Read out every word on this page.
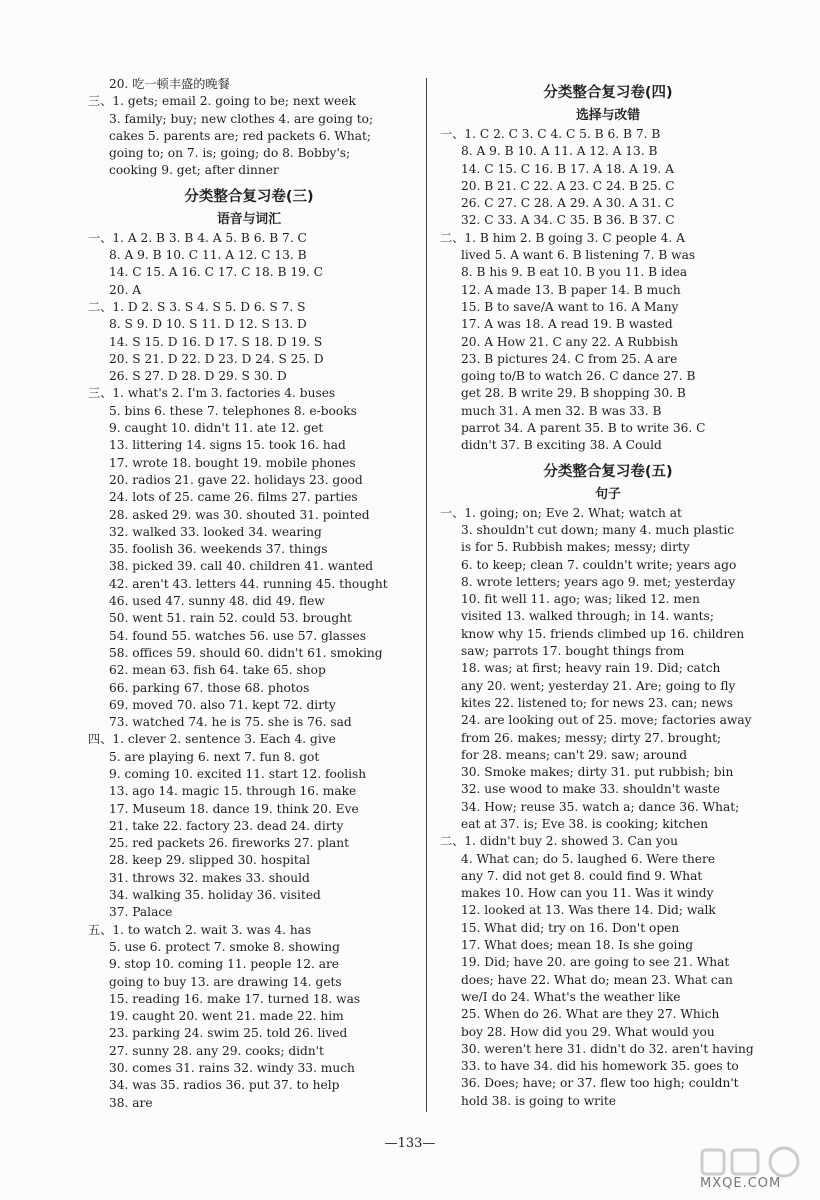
20. 吃一顿丰盛的晚餐
三、1. gets; email 2. going to be; next week
3. family; buy; new clothes 4. are going to;
cakes 5. parents are; red packets 6. What;
going to; on 7. is; going; do 8. Bobby's;
cooking 9. get; after dinner
分类整合复习卷(三)
语音与词汇
一、1. A 2. B 3. B 4. A 5. B 6. B 7. C
8. A 9. B 10. C 11. A 12. C 13. B
14. C 15. A 16. C 17. C 18. B 19. C
20. A
二、1. D 2. S 3. S 4. S 5. D 6. S 7. S
8. S 9. D 10. S 11. D 12. S 13. D
14. S 15. D 16. D 17. S 18. D 19. S
20. S 21. D 22. D 23. D 24. S 25. D
26. S 27. D 28. D 29. S 30. D
三、1. what's 2. I'm 3. factories 4. buses
5. bins 6. these 7. telephones 8. e-books
9. caught 10. didn't 11. ate 12. get
13. littering 14. signs 15. took 16. had
17. wrote 18. bought 19. mobile phones
20. radios 21. gave 22. holidays 23. good
24. lots of 25. came 26. films 27. parties
28. asked 29. was 30. shouted 31. pointed
32. walked 33. looked 34. wearing
35. foolish 36. weekends 37. things
38. picked 39. call 40. children 41. wanted
42. aren't 43. letters 44. running 45. thought
46. used 47. sunny 48. did 49. flew
50. went 51. rain 52. could 53. brought
54. found 55. watches 56. use 57. glasses
58. offices 59. should 60. didn't 61. smoking
62. mean 63. fish 64. take 65. shop
66. parking 67. those 68. photos
69. moved 70. also 71. kept 72. dirty
73. watched 74. he is 75. she is 76. sad
四、1. clever 2. sentence 3. Each 4. give
5. are playing 6. next 7. fun 8. got
9. coming 10. excited 11. start 12. foolish
13. ago 14. magic 15. through 16. make
17. Museum 18. dance 19. think 20. Eve
21. take 22. factory 23. dead 24. dirty
25. red packets 26. fireworks 27. plant
28. keep 29. slipped 30. hospital
31. throws 32. makes 33. should
34. walking 35. holiday 36. visited
37. Palace
五、1. to watch 2. wait 3. was 4. has
5. use 6. protect 7. smoke 8. showing
9. stop 10. coming 11. people 12. are
going to buy 13. are drawing 14. gets
15. reading 16. make 17. turned 18. was
19. caught 20. went 21. made 22. him
23. parking 24. swim 25. told 26. lived
27. sunny 28. any 29. cooks; didn't
30. comes 31. rains 32. windy 33. much
34. was 35. radios 36. put 37. to help
38. are
分类整合复习卷(四)
选择与改错
一、1. C 2. C 3. C 4. C 5. B 6. B 7. B
8. A 9. B 10. A 11. A 12. A 13. B
14. C 15. C 16. B 17. A 18. A 19. A
20. B 21. C 22. A 23. C 24. B 25. C
26. C 27. C 28. A 29. A 30. A 31. C
32. C 33. A 34. C 35. B 36. B 37. C
二、1. B him 2. B going 3. C people 4. A
lived 5. A want 6. B listening 7. B was
8. B his 9. B eat 10. B you 11. B idea
12. A made 13. B paper 14. B much
15. B to save/A want to 16. A Many
17. A was 18. A read 19. B wasted
20. A How 21. C any 22. A Rubbish
23. B pictures 24. C from 25. A are
going to/B to watch 26. C dance 27. B
get 28. B write 29. B shopping 30. B
much 31. A men 32. B was 33. B
parrot 34. A parent 35. B to write 36. C
didn't 37. B exciting 38. A Could
分类整合复习卷(五)
句子
一、1. going; on; Eve 2. What; watch at
3. shouldn't cut down; many 4. much plastic
is for 5. Rubbish makes; messy; dirty
6. to keep; clean 7. couldn't write; years ago
8. wrote letters; years ago 9. met; yesterday
10. fit well 11. ago; was; liked 12. men
visited 13. walked through; in 14. wants;
know why 15. friends climbed up 16. children
saw; parrots 17. bought things from
18. was; at first; heavy rain 19. Did; catch
any 20. went; yesterday 21. Are; going to fly
kites 22. listened to; for news 23. can; news
24. are looking out of 25. move; factories away
from 26. makes; messy; dirty 27. brought;
for 28. means; can't 29. saw; around
30. Smoke makes; dirty 31. put rubbish; bin
32. use wood to make 33. shouldn't waste
34. How; reuse 35. watch a; dance 36. What;
eat at 37. is; Eve 38. is cooking; kitchen
二、1. didn't buy 2. showed 3. Can you
4. What can; do 5. laughed 6. Were there
any 7. did not get 8. could find 9. What
makes 10. How can you 11. Was it windy
12. looked at 13. Was there 14. Did; walk
15. What did; try on 16. Don't open
17. What does; mean 18. Is she going
19. Did; have 20. are going to see 21. What
does; have 22. What do; mean 23. What can
we/I do 24. What's the weather like
25. When do 26. What are they 27. Which
boy 28. How did you 29. What would you
30. weren't here 31. didn't do 32. aren't having
33. to have 34. did his homework 35. goes to
36. Does; have; or 37. flew too high; couldn't
hold 38. is going to write
—133—
MXQE.COM
